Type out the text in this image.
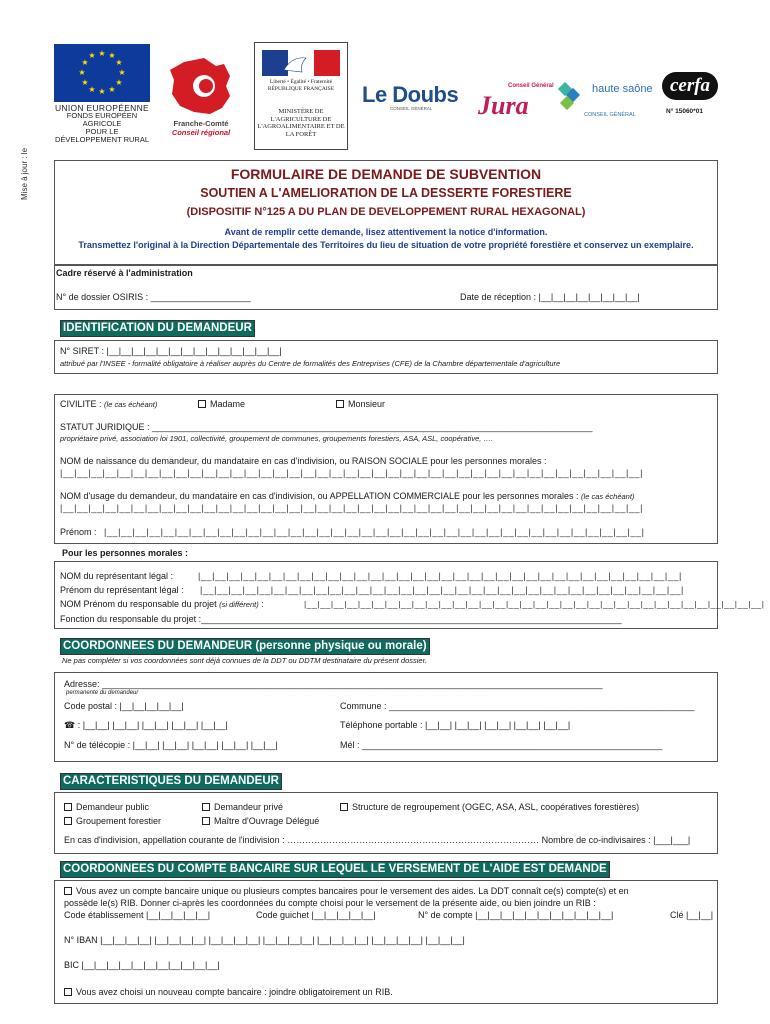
Mise à jour : le
★ ★
★
★
★
★
★
★
★
★
★
★
UNION EUROPÉENNE
FONDS EUROPÉEN AGRICOLE
POUR LE DÉVELOPPEMENT RURAL
Franche-Comté
Conseil régional
Liberté • Égalité • Fraternité
RÉPUBLIQUE FRANÇAISE
MINISTÈRE DE L'AGRICULTURE DE L'AGROALIMENTAIRE ET DE LA FORÊT
Le Doubs
CONSEIL GÉNÉRAL
Conseil Général
Jura
haute saône
CONSEIL GÉNÉRAL
cerfa
N° 15060*01
FORMULAIRE DE DEMANDE DE SUBVENTION
SOUTIEN A L'AMELIORATION DE LA DESSERTE FORESTIERE
(DISPOSITIF N°125 A DU PLAN DE DEVELOPPEMENT RURAL HEXAGONAL)
Avant de remplir cette demande, lisez attentivement la notice d'information.
Transmettez l'original à la Direction Départementale des Territoires du lieu de situation de votre propriété forestière et conservez un exemplaire.
Cadre réservé à l'administration
N° de dossier OSIRIS : ____________________	Date de réception : |__|__|__|__|__|__|__|__|
IDENTIFICATION DU DEMANDEUR
N° SIRET : |__|__|__|__|__|__|__|__|__|__|__|__|__|__|
attribué par l'INSEE - formalité obligatoire à réaliser auprès du Centre de formalités des Entreprises (CFE) de la Chambre départementale d'agriculture
CIVILITE : (le cas échéant)	Madame	Monsieur
STATUT JURIDIQUE : ________________________________________________________________________________________
propriétaire privé, association loi 1901, collectivité, groupement de communes, groupements forestiers, ASA, ASL, coopérative, ….
NOM de naissance du demandeur, du mandataire en cas d'indivision, ou RAISON SOCIALE pour les personnes morales :
|__|__|__|__|__|__|__|__|__|__|__|__|__|__|__|__|__|__|__|__|__|__|__|__|__|__|__|__|__|__|__|__|__|__|__|__|__|__|__|__|__|
NOM d'usage du demandeur, du mandataire en cas d'indivision, ou APPELLATION COMMERCIALE pour les personnes morales : (le cas échéant)
|__|__|__|__|__|__|__|__|__|__|__|__|__|__|__|__|__|__|__|__|__|__|__|__|__|__|__|__|__|__|__|__|__|__|__|__|__|__|__|__|__|
Prénom : |__|__|__|__|__|__|__|__|__|__|__|__|__|__|__|__|__|__|__|__|__|__|__|__|__|__|__|__|__|__|__|__|__|__|__|__|__|__|
Pour les personnes morales :
NOM du représentant légal :	|__|__|__|__|__|__|__|__|__|__|__|__|__|__|__|__|__|__|__|__|__|__|__|__|__|__|__|__|__|__|__|__|__|__|
Prénom du représentant légal : |__|__|__|__|__|__|__|__|__|__|__|__|__|__|__|__|__|__|__|__|__|__|__|__|__|__|__|__|__|__|__|__|__|__|
NOM Prénom du responsable du projet (si différent) :	|__|__|__|__|__|__|__|__|__|__|__|__|__|__|__|__|__|__|__|__|__|__|__|__|__|__|__|__|__|__|__|__|__|__|
Fonction du responsable du projet :____________________________________________________________________________________
COORDONNEES DU DEMANDEUR (personne physique ou morale)
Ne pas compléter si vos coordonnées sont déjà connues de la DDT ou DDTM destinataire du présent dossier.
Adresse: ____________________________________________________________________________________________________
permanente du demandeur
Code postal : |__|__|__|__|__|	Commune : _____________________________________________________________
☎ : |__|__| |__|__| |__|__| |__|__| |__|__|	Téléphone portable : |__|__| |__|__| |__|__| |__|__| |__|__|
N° de télécopie : |__|__| |__|__| |__|__| |__|__| |__|__|	Mél : ____________________________________________________________
CARACTERISTIQUES DU DEMANDEUR
Demandeur public	Demandeur privé	Structure de regroupement (OGEC, ASA, ASL, coopératives forestières)
Groupement forestier	Maître d'Ouvrage Délégué
En cas d'indivision, appellation courante de l'indivision : ………………………………………………………………………… Nombre de co-indivisaires : |___|___|
COORDONNEES DU COMPTE BANCAIRE SUR LEQUEL LE VERSEMENT DE L'AIDE EST DEMANDE
Vous avez un compte bancaire unique ou plusieurs comptes bancaires pour le versement des aides. La DDT connaît ce(s) compte(s) et en
possède le(s) RIB. Donner ci-après les coordonnées du compte choisi pour le versement de la présente aide, ou bien joindre un RIB :
Code établissement |__|__|__|__|__|	Code guichet |__|__|__|__|__|	N° de compte |__|__|__|__|__|__|__|__|__|__|__|	Clé |__|__|
N° IBAN |__|__|__|__| |__|__|__|__| |__|__|__|__| |__|__|__|__| |__|__|__|__| |__|__|__|__| |__|__|__|
BIC |__|__|__|__|__|__|__|__|__|__|__|
Vous avez choisi un nouveau compte bancaire : joindre obligatoirement un RIB.
